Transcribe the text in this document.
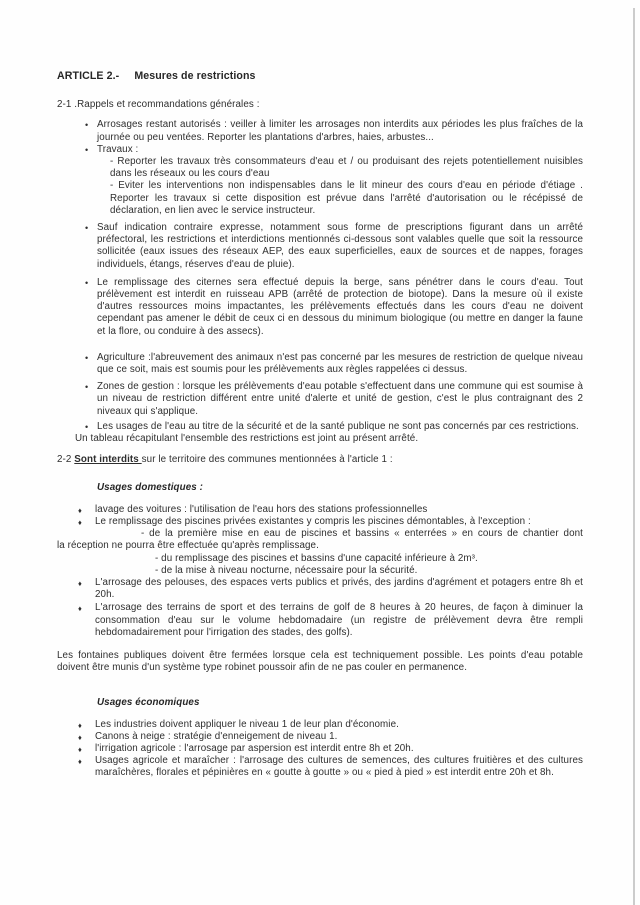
ARTICLE 2.- Mesures de restrictions
2-1 .Rappels et recommandations générales :
• Arrosages restant autorisés : veiller à limiter les arrosages non interdits aux périodes les plus fraîches de la journée ou peu ventées. Reporter les plantations d'arbres, haies, arbustes...
• Travaux :
- Reporter les travaux très consommateurs d'eau et / ou produisant des rejets potentiellement nuisibles dans les réseaux ou les cours d'eau
- Eviter les interventions non indispensables dans le lit mineur des cours d'eau en période d'étiage . Reporter les travaux si cette disposition est prévue dans l'arrêté d'autorisation ou le récépissé de déclaration, en lien avec le service instructeur.
• Sauf indication contraire expresse, notamment sous forme de prescriptions figurant dans un arrêté préfectoral, les restrictions et interdictions mentionnés ci-dessous sont valables quelle que soit la ressource sollicitée (eaux issues des réseaux AEP, des eaux superficielles, eaux de sources et de nappes, forages individuels, étangs, réserves d'eau de pluie).
• Le remplissage des citernes sera effectué depuis la berge, sans pénétrer dans le cours d'eau. Tout prélèvement est interdit en ruisseau APB (arrêté de protection de biotope). Dans la mesure où il existe d'autres ressources moins impactantes, les prélèvements effectués dans les cours d'eau ne doivent cependant pas amener le débit de ceux ci en dessous du minimum biologique (ou mettre en danger la faune et la flore, ou conduire à des assecs).
• Agriculture :l'abreuvement des animaux n'est pas concerné par les mesures de restriction de quelque niveau que ce soit, mais est soumis pour les prélèvements aux règles rappelées ci dessus.
• Zones de gestion : lorsque les prélèvements d'eau potable s'effectuent dans une commune qui est soumise à un niveau de restriction différent entre unité d'alerte et unité de gestion, c'est le plus contraignant des 2 niveaux qui s'applique.
• Les usages de l'eau au titre de la sécurité et de la santé publique ne sont pas concernés par ces restrictions.
Un tableau récapitulant l'ensemble des restrictions est joint au présent arrêté.
2-2 Sont interdits sur le territoire des communes mentionnées à l'article 1 :
Usages domestiques :
♦ lavage des voitures : l'utilisation de l'eau hors des stations professionnelles
♦ Le remplissage des piscines privées existantes y compris les piscines démontables, à l'exception :
- de la première mise en eau de piscines et bassins « enterrées » en cours de chantier dont
la réception ne pourra être effectuée qu'après remplissage.
- du remplissage des piscines et bassins d'une capacité inférieure à 2m³.
- de la mise à niveau nocturne, nécessaire pour la sécurité.
♦ L'arrosage des pelouses, des espaces verts publics et privés, des jardins d'agrément et potagers entre 8h et 20h.
♦ L'arrosage des terrains de sport et des terrains de golf de 8 heures à 20 heures, de façon à diminuer la consommation d'eau sur le volume hebdomadaire (un registre de prélèvement devra être rempli hebdomadairement pour l'irrigation des stades, des golfs).
Les fontaines publiques doivent être fermées lorsque cela est techniquement possible. Les points d'eau potable doivent être munis d'un système type robinet poussoir afin de ne pas couler en permanence.
Usages économiques
♦ Les industries doivent appliquer le niveau 1 de leur plan d'économie.
♦ Canons à neige : stratégie d'enneigement de niveau 1.
♦ l'irrigation agricole : l'arrosage par aspersion est interdit entre 8h et 20h.
♦ Usages agricole et maraîcher : l'arrosage des cultures de semences, des cultures fruitières et des cultures maraîchères, florales et pépinières en « goutte à goutte » ou « pied à pied » est interdit entre 20h et 8h.
